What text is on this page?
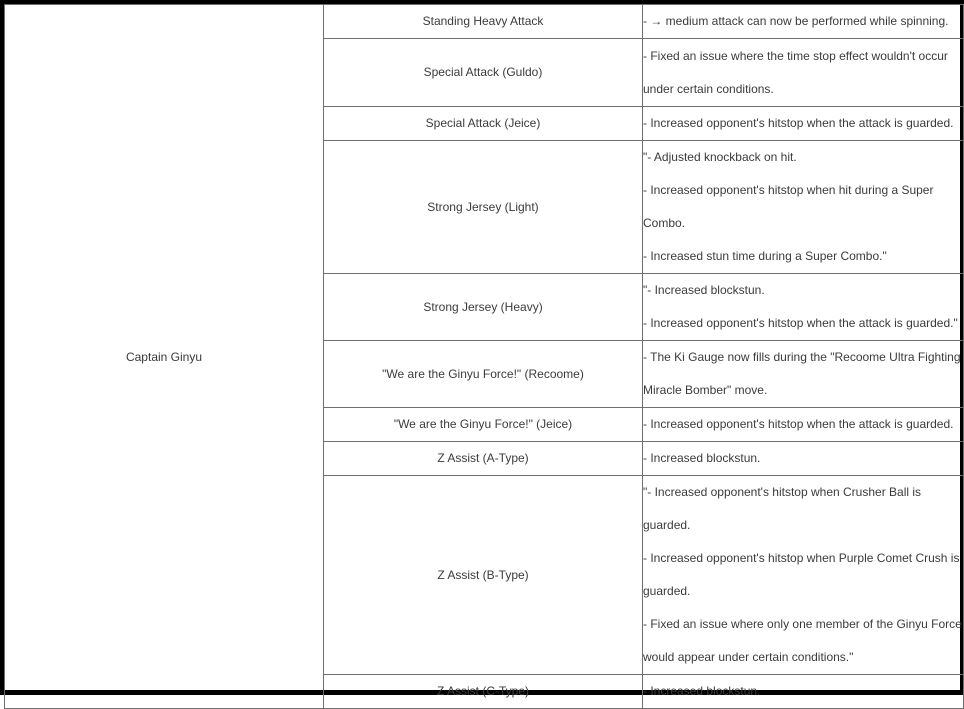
Captain Ginyu	Standing Heavy Attack	- → medium attack can now be performed while spinning.
	Special Attack (Guldo)	- Fixed an issue where the time stop effect wouldn't occur
under certain conditions.
	Special Attack (Jeice)	- Increased opponent's hitstop when the attack is guarded.
	Strong Jersey (Light)	"- Adjusted knockback on hit.
- Increased opponent's hitstop when hit during a Super
Combo.
- Increased stun time during a Super Combo."
	Strong Jersey (Heavy)	"- Increased blockstun.
- Increased opponent's hitstop when the attack is guarded."
	"We are the Ginyu Force!" (Recoome)	- The Ki Gauge now fills during the "Recoome Ultra Fighting
Miracle Bomber" move.
	"We are the Ginyu Force!" (Jeice)	- Increased opponent's hitstop when the attack is guarded.
	Z Assist (A-Type)	- Increased blockstun.
Z Assist (B-Type)	"- Increased opponent's hitstop when Crusher Ball is
guarded.
- Increased opponent's hitstop when Purple Comet Crush is
guarded.
- Fixed an issue where only one member of the Ginyu Force
would appear under certain conditions."
	Z Assist (C-Type)	- Increased blockstun.
